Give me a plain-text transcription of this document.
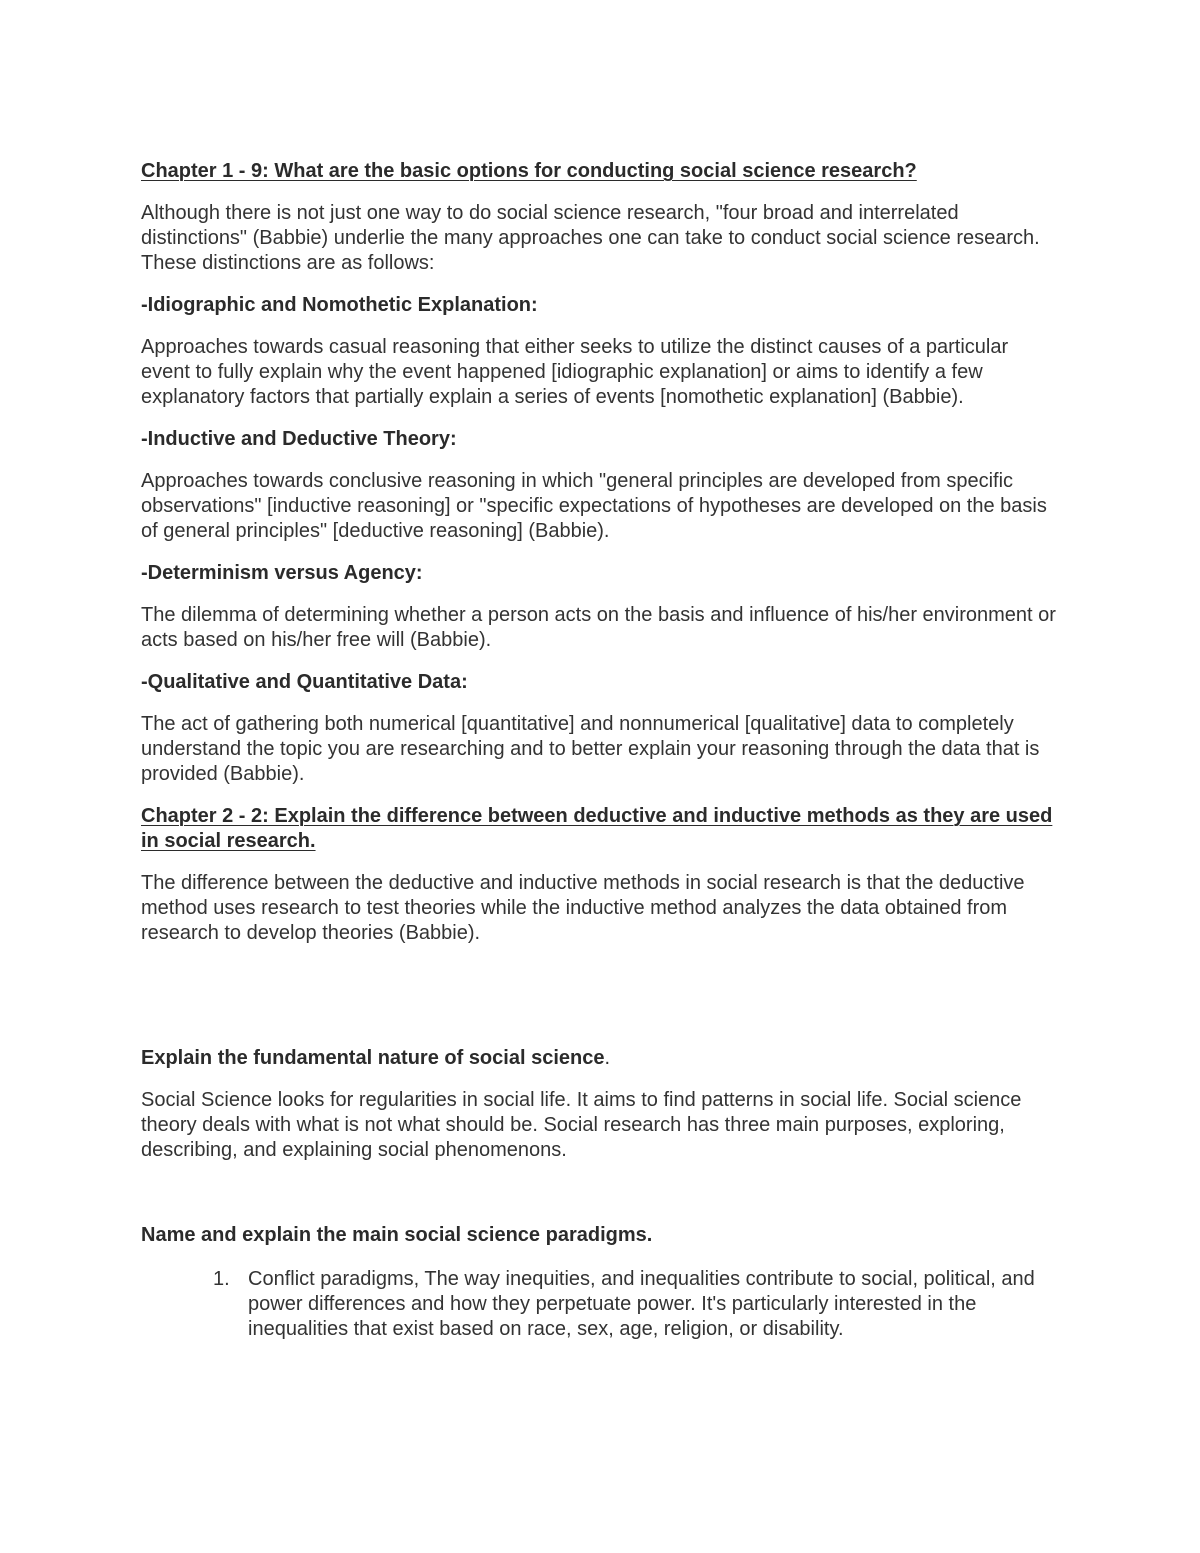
Chapter 1 - 9: What are the basic options for conducting social science research?

Although there is not just one way to do social science research, "four broad and interrelated distinctions" (Babbie) underlie the many approaches one can take to conduct social science research. These distinctions are as follows:

-Idiographic and Nomothetic Explanation:

Approaches towards casual reasoning that either seeks to utilize the distinct causes of a particular event to fully explain why the event happened [idiographic explanation] or aims to identify a few explanatory factors that partially explain a series of events [nomothetic explanation] (Babbie).

-Inductive and Deductive Theory:

Approaches towards conclusive reasoning in which "general principles are developed from specific observations" [inductive reasoning] or "specific expectations of hypotheses are developed on the basis of general principles" [deductive reasoning] (Babbie).

-Determinism versus Agency:

The dilemma of determining whether a person acts on the basis and influence of his/her environment or acts based on his/her free will (Babbie).

-Qualitative and Quantitative Data:

The act of gathering both numerical [quantitative] and nonnumerical [qualitative] data to completely understand the topic you are researching and to better explain your reasoning through the data that is provided (Babbie).

Chapter 2 - 2: Explain the difference between deductive and inductive methods as they are used in social research.

The difference between the deductive and inductive methods in social research is that the deductive method uses research to test theories while the inductive method analyzes the data obtained from research to develop theories (Babbie).

Explain the fundamental nature of social science.

Social Science looks for regularities in social life. It aims to find patterns in social life. Social science theory deals with what is not what should be. Social research has three main purposes, exploring, describing, and explaining social phenomenons.

Name and explain the main social science paradigms.
1. Conflict paradigms, The way inequities, and inequalities contribute to social, political, and power differences and how they perpetuate power. It's particularly interested in the inequalities that exist based on race, sex, age, religion, or disability.
